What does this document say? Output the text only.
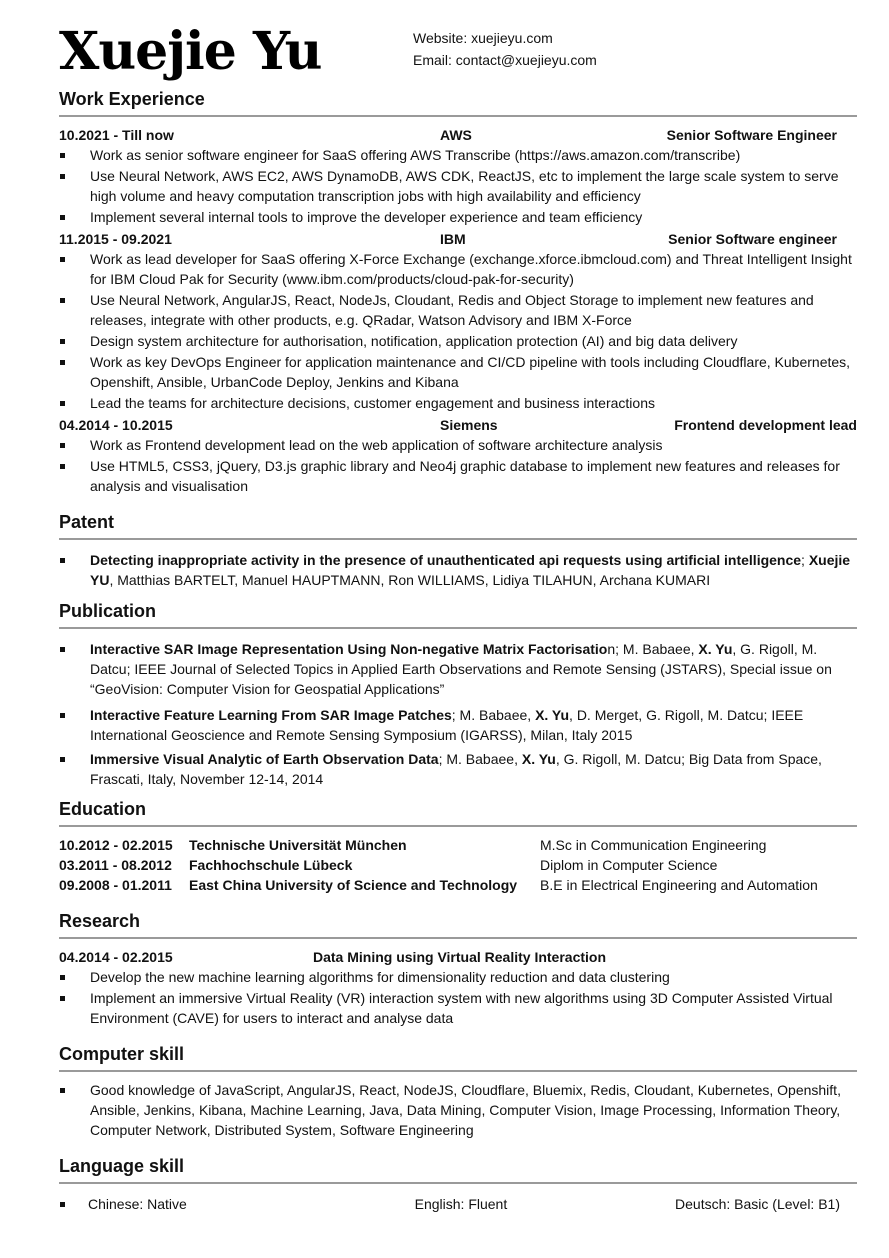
Xuejie Yu	Website: xuejieyu.com
Email: contact@xuejieyu.com
Work Experience
10.2021 - Till now	AWS	Senior Software Engineer
Work as senior software engineer for SaaS offering AWS Transcribe (https://aws.amazon.com/transcribe)
Use Neural Network, AWS EC2, AWS DynamoDB, AWS CDK, ReactJS, etc to implement the large scale system to serve high volume and heavy computation transcription jobs with high availability and efficiency
Implement several internal tools to improve the developer experience and team efficiency
11.2015 - 09.2021	IBM	Senior Software engineer
Work as lead developer for SaaS offering X-Force Exchange (exchange.xforce.ibmcloud.com) and Threat Intelligent Insight for IBM Cloud Pak for Security (www.ibm.com/products/cloud-pak-for-security)
Use Neural Network, AngularJS, React, NodeJs, Cloudant, Redis and Object Storage to implement new features and releases, integrate with other products, e.g. QRadar, Watson Advisory and IBM X-Force
Design system architecture for authorisation, notification, application protection (AI) and big data delivery
Work as key DevOps Engineer for application maintenance and CI/CD pipeline with tools including Cloudflare, Kubernetes, Openshift, Ansible, UrbanCode Deploy, Jenkins and Kibana
Lead the teams for architecture decisions, customer engagement and business interactions
04.2014 - 10.2015	Siemens	Frontend development lead
Work as Frontend development lead on the web application of software architecture analysis
Use HTML5, CSS3, jQuery, D3.js graphic library and Neo4j graphic database to implement new features and releases for analysis and visualisation
Patent
Detecting inappropriate activity in the presence of unauthenticated api requests using artificial intelligence; Xuejie YU, Matthias BARTELT, Manuel HAUPTMANN, Ron WILLIAMS, Lidiya TILAHUN, Archana KUMARI
Publication
Interactive SAR Image Representation Using Non-negative Matrix Factorisation; M. Babaee, X. Yu, G. Rigoll, M. Datcu; IEEE Journal of Selected Topics in Applied Earth Observations and Remote Sensing (JSTARS), Special issue on “GeoVision: Computer Vision for Geospatial Applications”
Interactive Feature Learning From SAR Image Patches; M. Babaee, X. Yu, D. Merget, G. Rigoll, M. Datcu; IEEE International Geoscience and Remote Sensing Symposium (IGARSS), Milan, Italy 2015
Immersive Visual Analytic of Earth Observation Data; M. Babaee, X. Yu, G. Rigoll, M. Datcu; Big Data from Space, Frascati, Italy, November 12-14, 2014
Education
10.2012 - 02.2015	Technische Universität München	M.Sc in Communication Engineering
03.2011 - 08.2012	Fachhochschule Lübeck	Diplom in Computer Science
09.2008 - 01.2011	East China University of Science and Technology	B.E in Electrical Engineering and Automation
Research
04.2014 - 02.2015	Data Mining using Virtual Reality Interaction
Develop the new machine learning algorithms for dimensionality reduction and data clustering
Implement an immersive Virtual Reality (VR) interaction system with new algorithms using 3D Computer Assisted Virtual Environment (CAVE) for users to interact and analyse data
Computer skill
Good knowledge of JavaScript, AngularJS, React, NodeJS, Cloudflare, Bluemix, Redis, Cloudant, Kubernetes, Openshift, Ansible, Jenkins, Kibana, Machine Learning, Java, Data Mining, Computer Vision, Image Processing, Information Theory, Computer Network, Distributed System, Software Engineering
Language skill
Chinese: Native	English: Fluent	Deutsch: Basic (Level: B1)
